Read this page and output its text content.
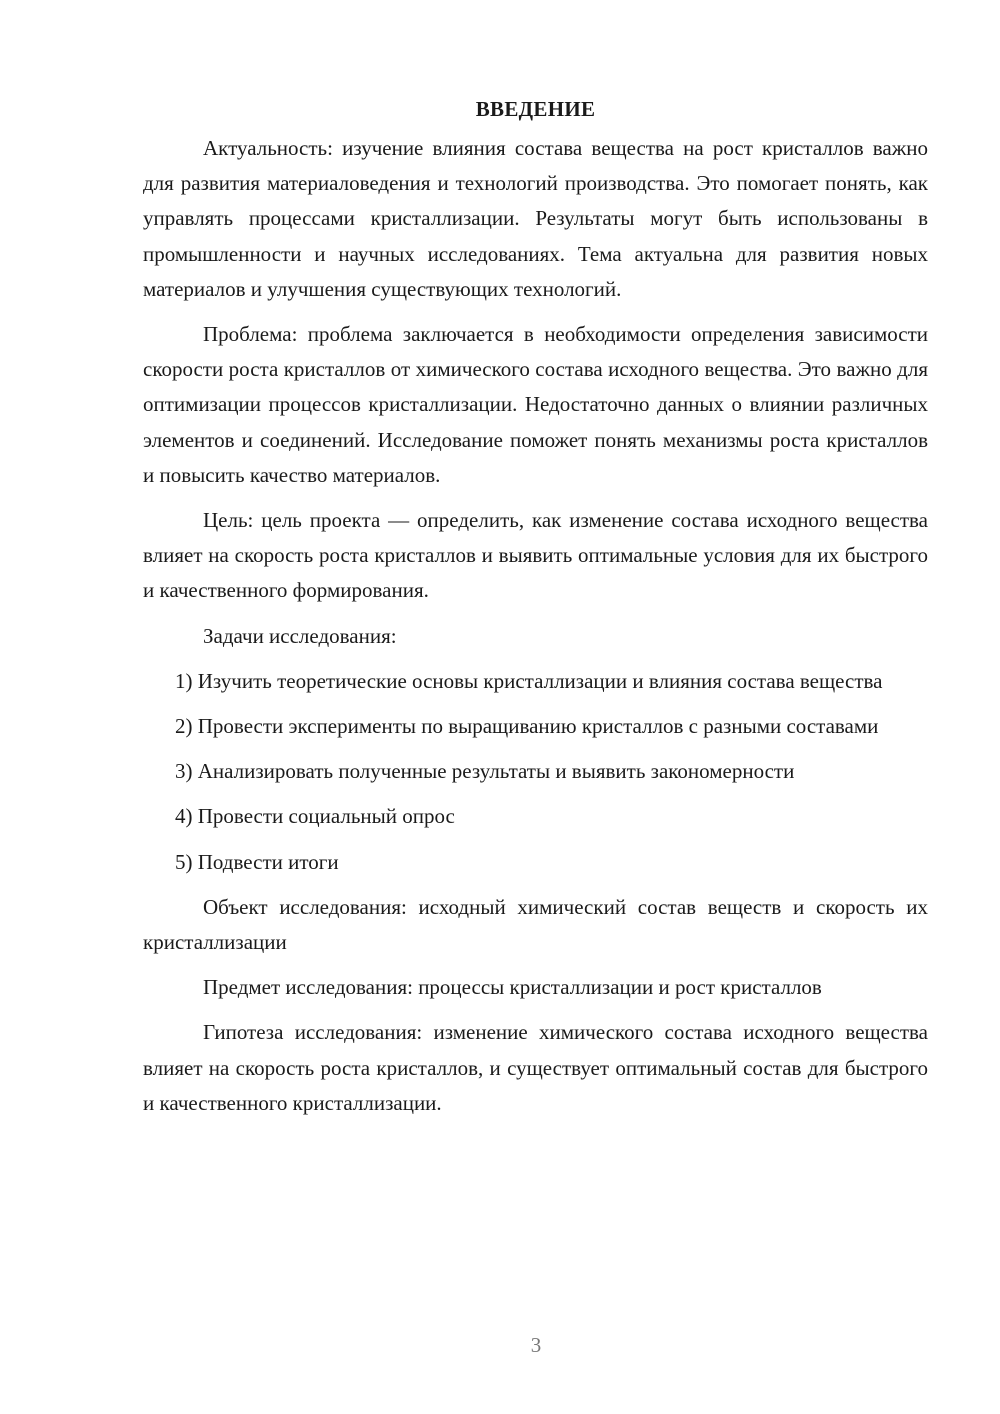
ВВЕДЕНИЕ

Актуальность: изучение влияния состава вещества на рост кристаллов важно для развития материаловедения и технологий производства. Это помогает понять, как управлять процессами кристаллизации. Результаты могут быть использованы в промышленности и научных исследованиях. Тема актуальна для развития новых материалов и улучшения существующих технологий.

Проблема: проблема заключается в необходимости определения зависимости скорости роста кристаллов от химического состава исходного вещества. Это важно для оптимизации процессов кристаллизации. Недостаточно данных о влиянии различных элементов и соединений. Исследование поможет понять механизмы роста кристаллов и повысить качество материалов.

Цель: цель проекта — определить, как изменение состава исходного вещества влияет на скорость роста кристаллов и выявить оптимальные условия для их быстрого и качественного формирования.

Задачи исследования:

1) Изучить теоретические основы кристаллизации и влияния состава вещества

2) Провести эксперименты по выращиванию кристаллов с разными составами

3) Анализировать полученные результаты и выявить закономерности

4) Провести социальный опрос

5) Подвести итоги

Объект исследования: исходный химический состав веществ и скорость их кристаллизации

Предмет исследования: процессы кристаллизации и рост кристаллов

Гипотеза исследования: изменение химического состава исходного вещества влияет на скорость роста кристаллов, и существует оптимальный состав для быстрого и качественного кристаллизации.

3
